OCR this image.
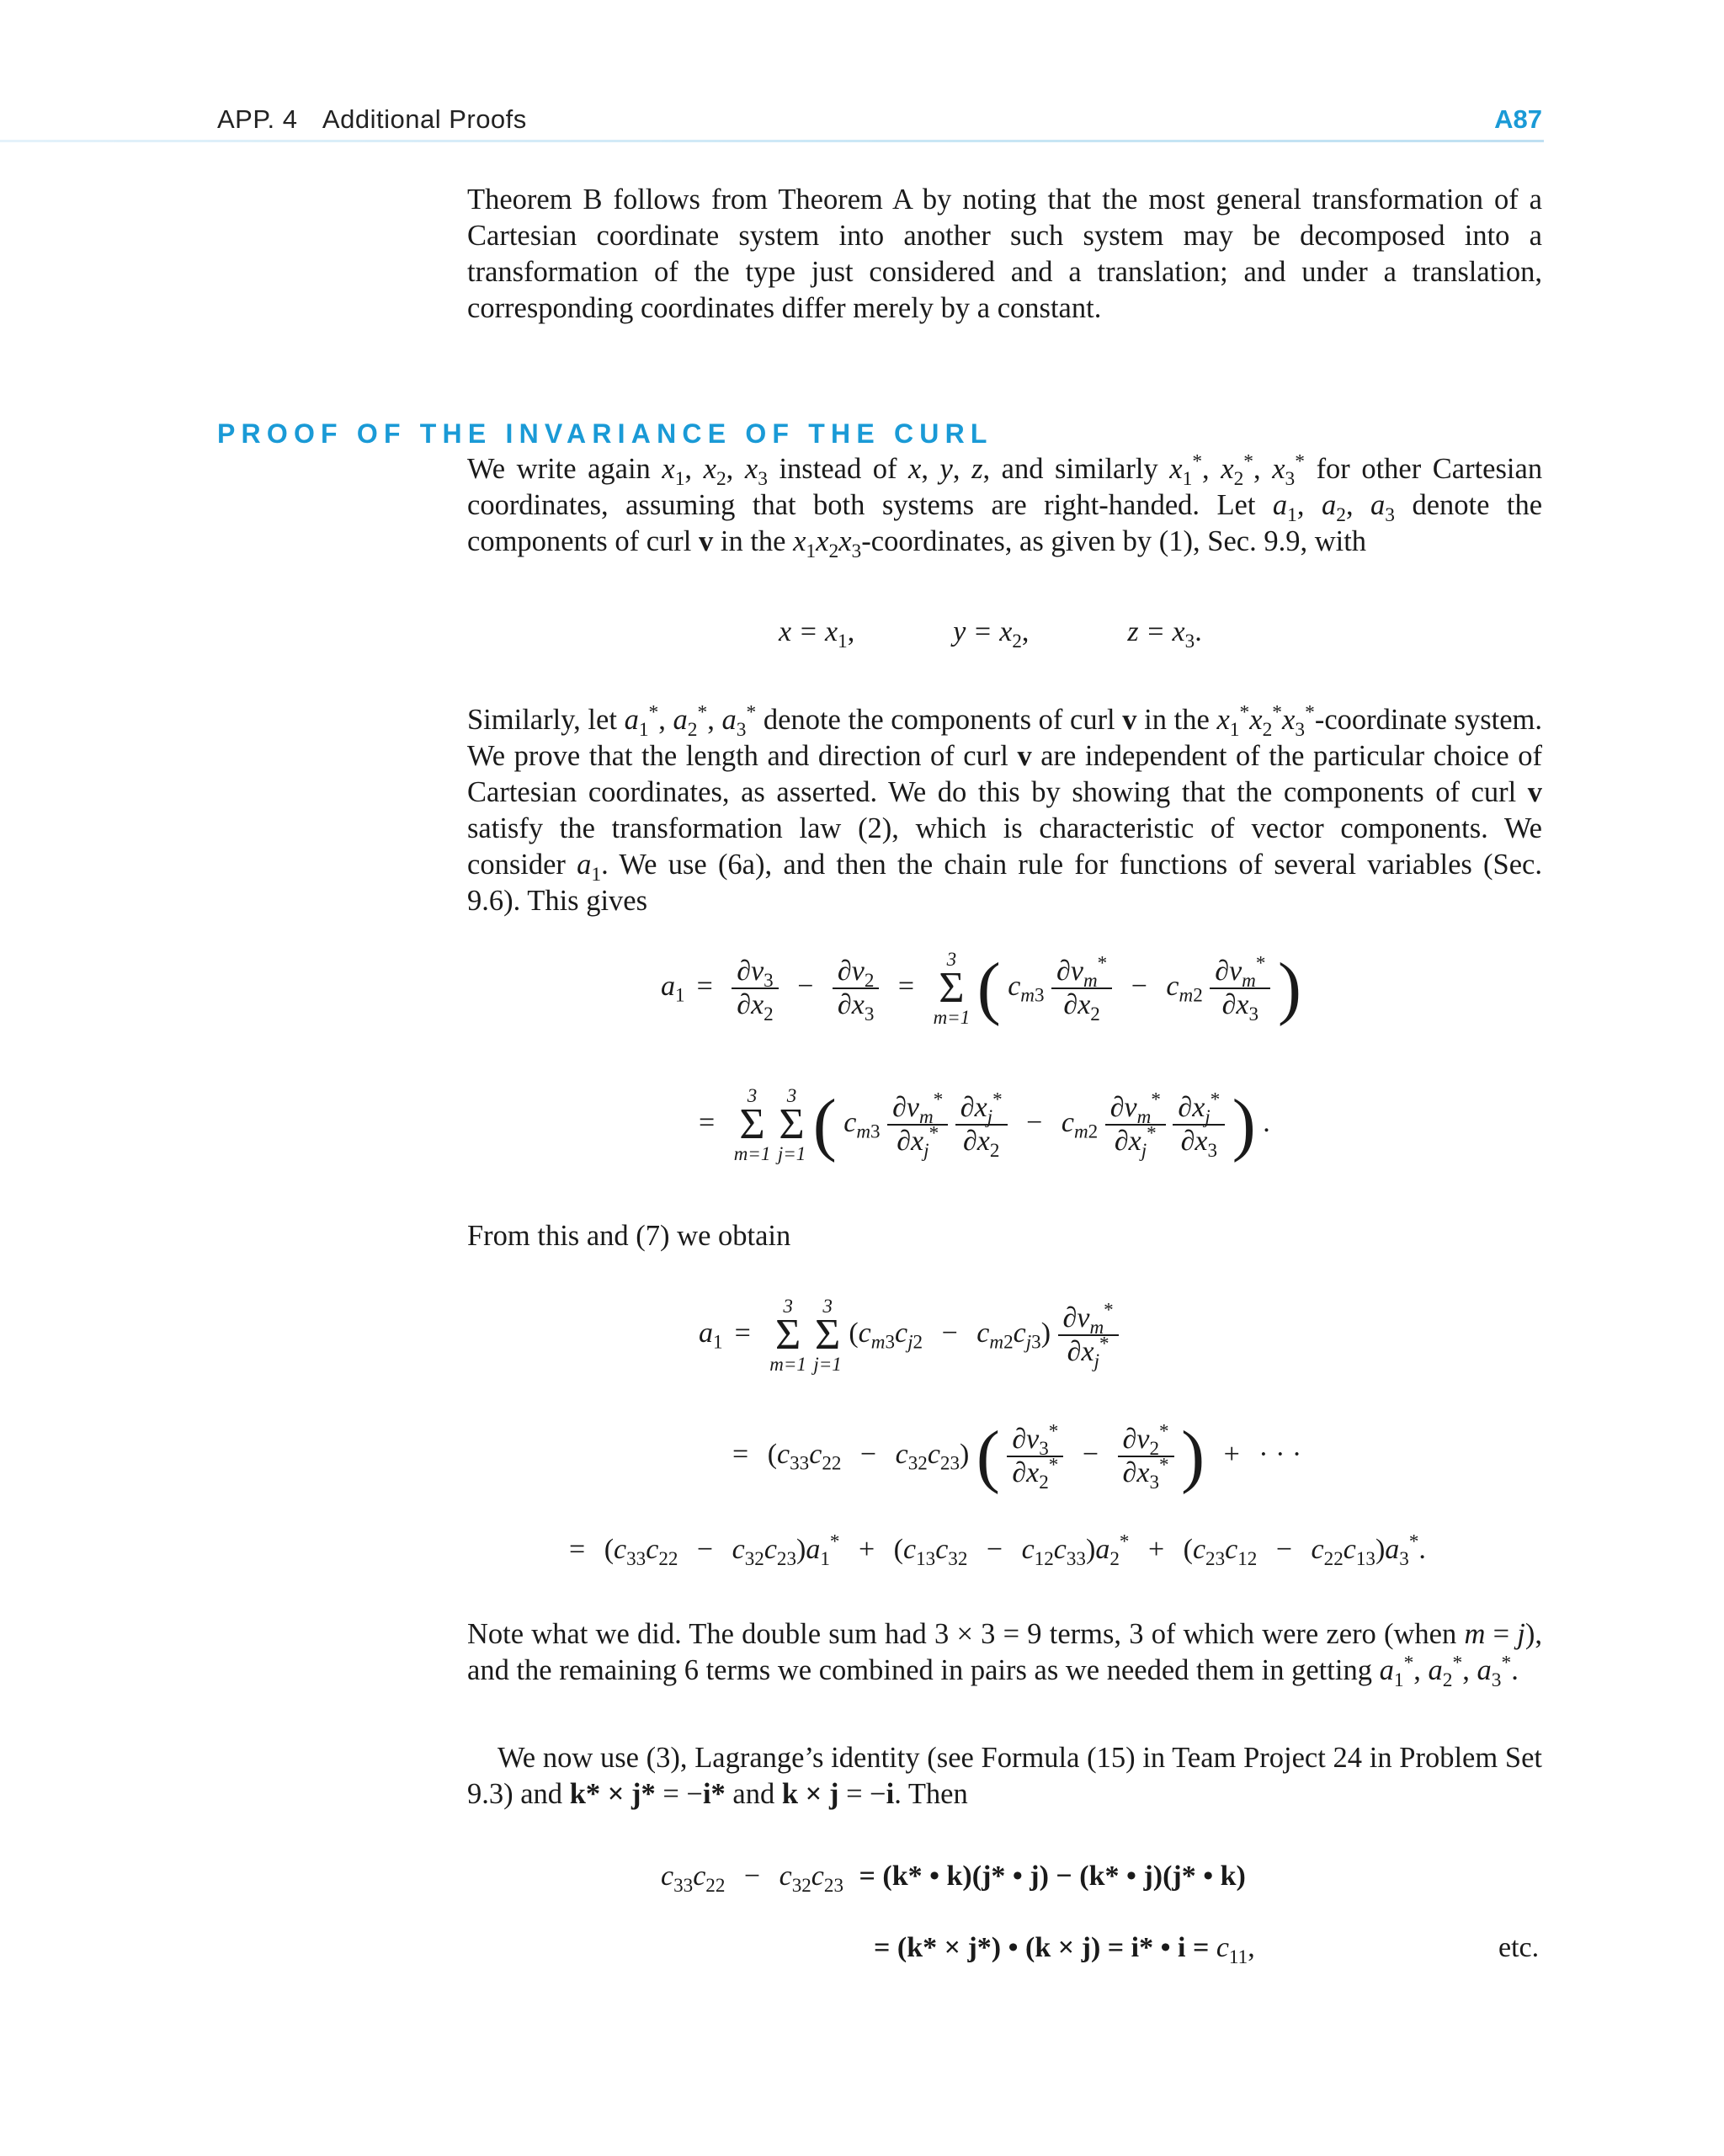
APP. 4 Additional Proofs	A87

Theorem B follows from Theorem A by noting that the most general transformation of a Cartesian coordinate system into another such system may be decomposed into a transformation of the type just considered and a translation; and under a translation, corresponding coordinates differ merely by a constant.

PROOF OF THE INVARIANCE OF THE CURL

We write again $x_1$, $x_2$, $x_3$ instead of x, y, z, and similarly $x_1^*$, $x_2^*$, $x_3^*$ for other Cartesian coordinates, assuming that both systems are right-handed. Let $a_1$, $a_2$, $a_3$ denote the components of curl v in the $x_1x_2x_3$-coordinates, as given by (1), Sec. 9.9, with

$x = x_1$,	$y = x_2$,	$z = x_3$.

Similarly, let $a_1^*$, $a_2^*$, $a_3^*$ denote the components of curl v in the $x_1^*x_2^*x_3^*$-coordinate system. We prove that the length and direction of curl v are independent of the particular choice of Cartesian coordinates, as asserted. We do this by showing that the components of curl v satisfy the transformation law (2), which is characteristic of vector components. We consider $a_1$. We use (6a), and then the chain rule for functions of several variables (Sec. 9.6). This gives

$a_1 = \frac{\partial v_3}{\partial x_2} - \frac{\partial v_2}{\partial x_3}$ =
3
Σ
m=1 ( $c_{m3} \frac{\partial v_m^*}{\partial x_2} - c_{m2} \frac{\partial v_m^*}{\partial x_3}$ )
=
3
Σ
m=1

3
Σ
j=1 ( $c_{m3} \frac{\partial v_m^*}{\partial x_j^*}$
$\frac{\partial x_j^*}{\partial x_2} - c_{m2} \frac{\partial v_m^*}{\partial x_j^*}$
$\frac{\partial x_j^*}{\partial x_3}$ ) .

From this and (7) we obtain

$a_1$ =
3
Σ
m=1

3
Σ
j=1
$(c_{m3}c_{j2} - c_{m2}c_{j3}) \frac{\partial v_m^*}{\partial x_j^*}$
= $(c_{33}c_{22} - c_{32}c_{23})$ ( $\frac{\partial v_3^*}{\partial x_2^*} - \frac{\partial v_2^*}{\partial x_3^*}$ ) + · · ·
= $(c_{33}c_{22} - c_{32}c_{23})a_1^* + (c_{13}c_{32} - c_{12}c_{33})a_2^* + (c_{23}c_{12} - c_{22}c_{13})a_3^*$.

Note what we did. The double sum had 3 × 3 = 9 terms, 3 of which were zero (when m = j), and the remaining 6 terms we combined in pairs as we needed them in getting $a_1^*$, $a_2^*$, $a_3^*$.

We now use (3), Lagrange’s identity (see Formula (15) in Team Project 24 in Problem Set 9.3) and k* × j* = −i* and k × j = −i. Then

$c_{33}c_{22} - c_{32}c_{23} = (k*$ • k)(j* • j) − (k* • j)(j* • k)
= (k* × j*) • (k × j) = i* • $i = c_{11}$,	etc.
